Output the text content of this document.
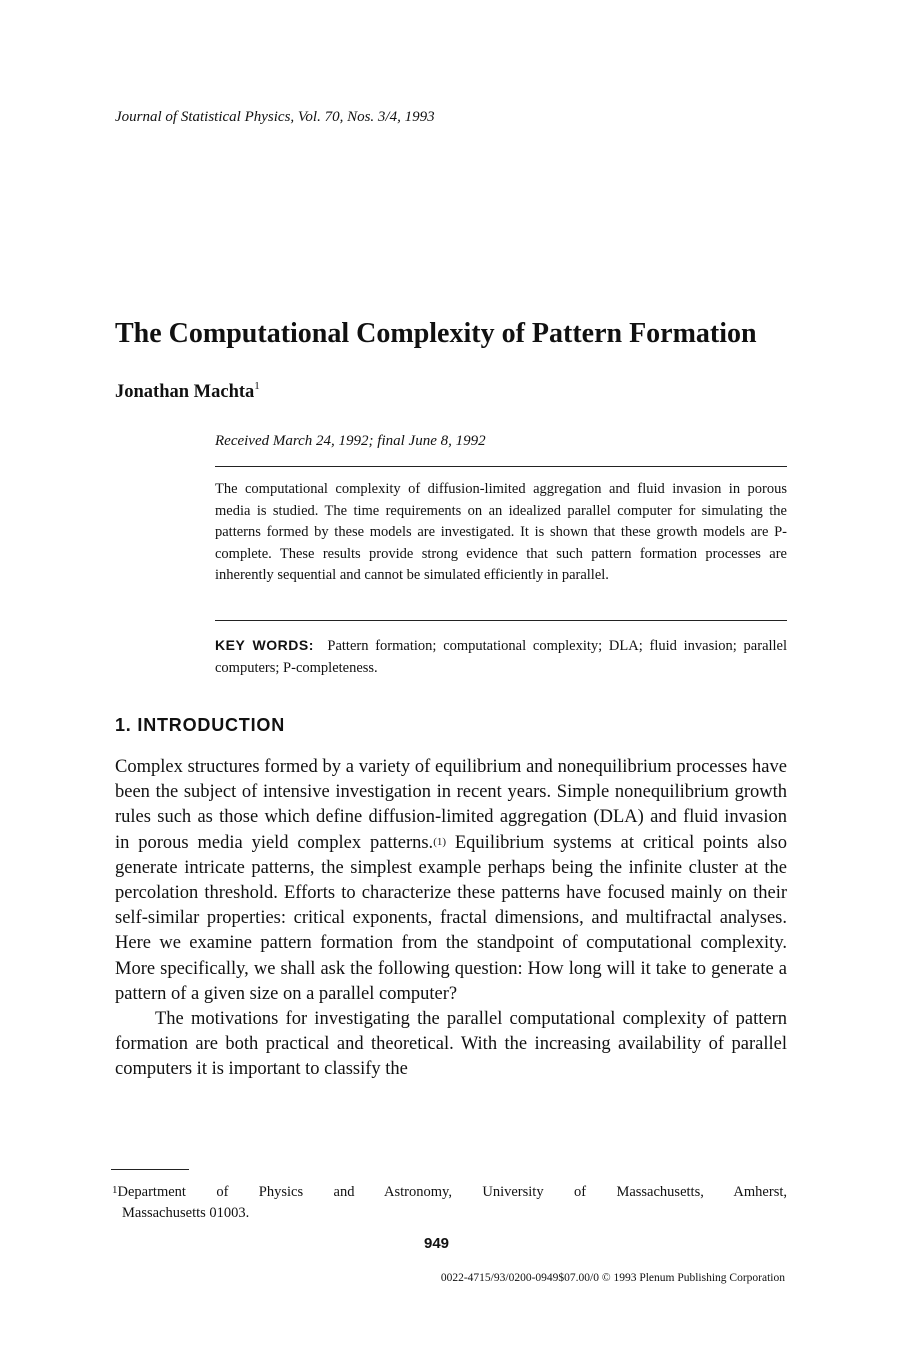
Journal of Statistical Physics, Vol. 70, Nos. 3/4, 1993
The Computational Complexity of Pattern Formation
Jonathan Machta$^1$
Received March 24, 1992; final June 8, 1992

The computational complexity of diffusion-limited aggregation and fluid invasion in porous media is studied. The time requirements on an idealized parallel computer for simulating the patterns formed by these models are investigated. It is shown that these growth models are P-complete. These results provide strong evidence that such pattern formation processes are inherently sequential and cannot be simulated efficiently in parallel.

KEY WORDS: Pattern formation; computational complexity; DLA; fluid invasion; parallel computers; P-completeness.

1. INTRODUCTION

Complex structures formed by a variety of equilibrium and nonequilibrium processes have been the subject of intensive investigation in recent years. Simple nonequilibrium growth rules such as those which define diffusion-limited aggregation (DLA) and fluid invasion in porous media yield complex patterns.$^{(1)}$ Equilibrium systems at critical points also generate intricate patterns, the simplest example perhaps being the infinite cluster at the percolation threshold. Efforts to characterize these patterns have focused mainly on their self-similar properties: critical exponents, fractal dimensions, and multifractal analyses. Here we examine pattern formation from the standpoint of computational complexity. More specifically, we shall ask the following question: How long will it take to generate a pattern of a given size on a parallel computer?

The motivations for investigating the parallel computational complexity of pattern formation are both practical and theoretical. With the increasing availability of parallel computers it is important to classify the

$^1$Department of Physics and Astronomy, University of Massachusetts, Amherst,
Massachusetts 01003.
949
0022-4715/93/0200-0949$07.00/0 © 1993 Plenum Publishing Corporation
